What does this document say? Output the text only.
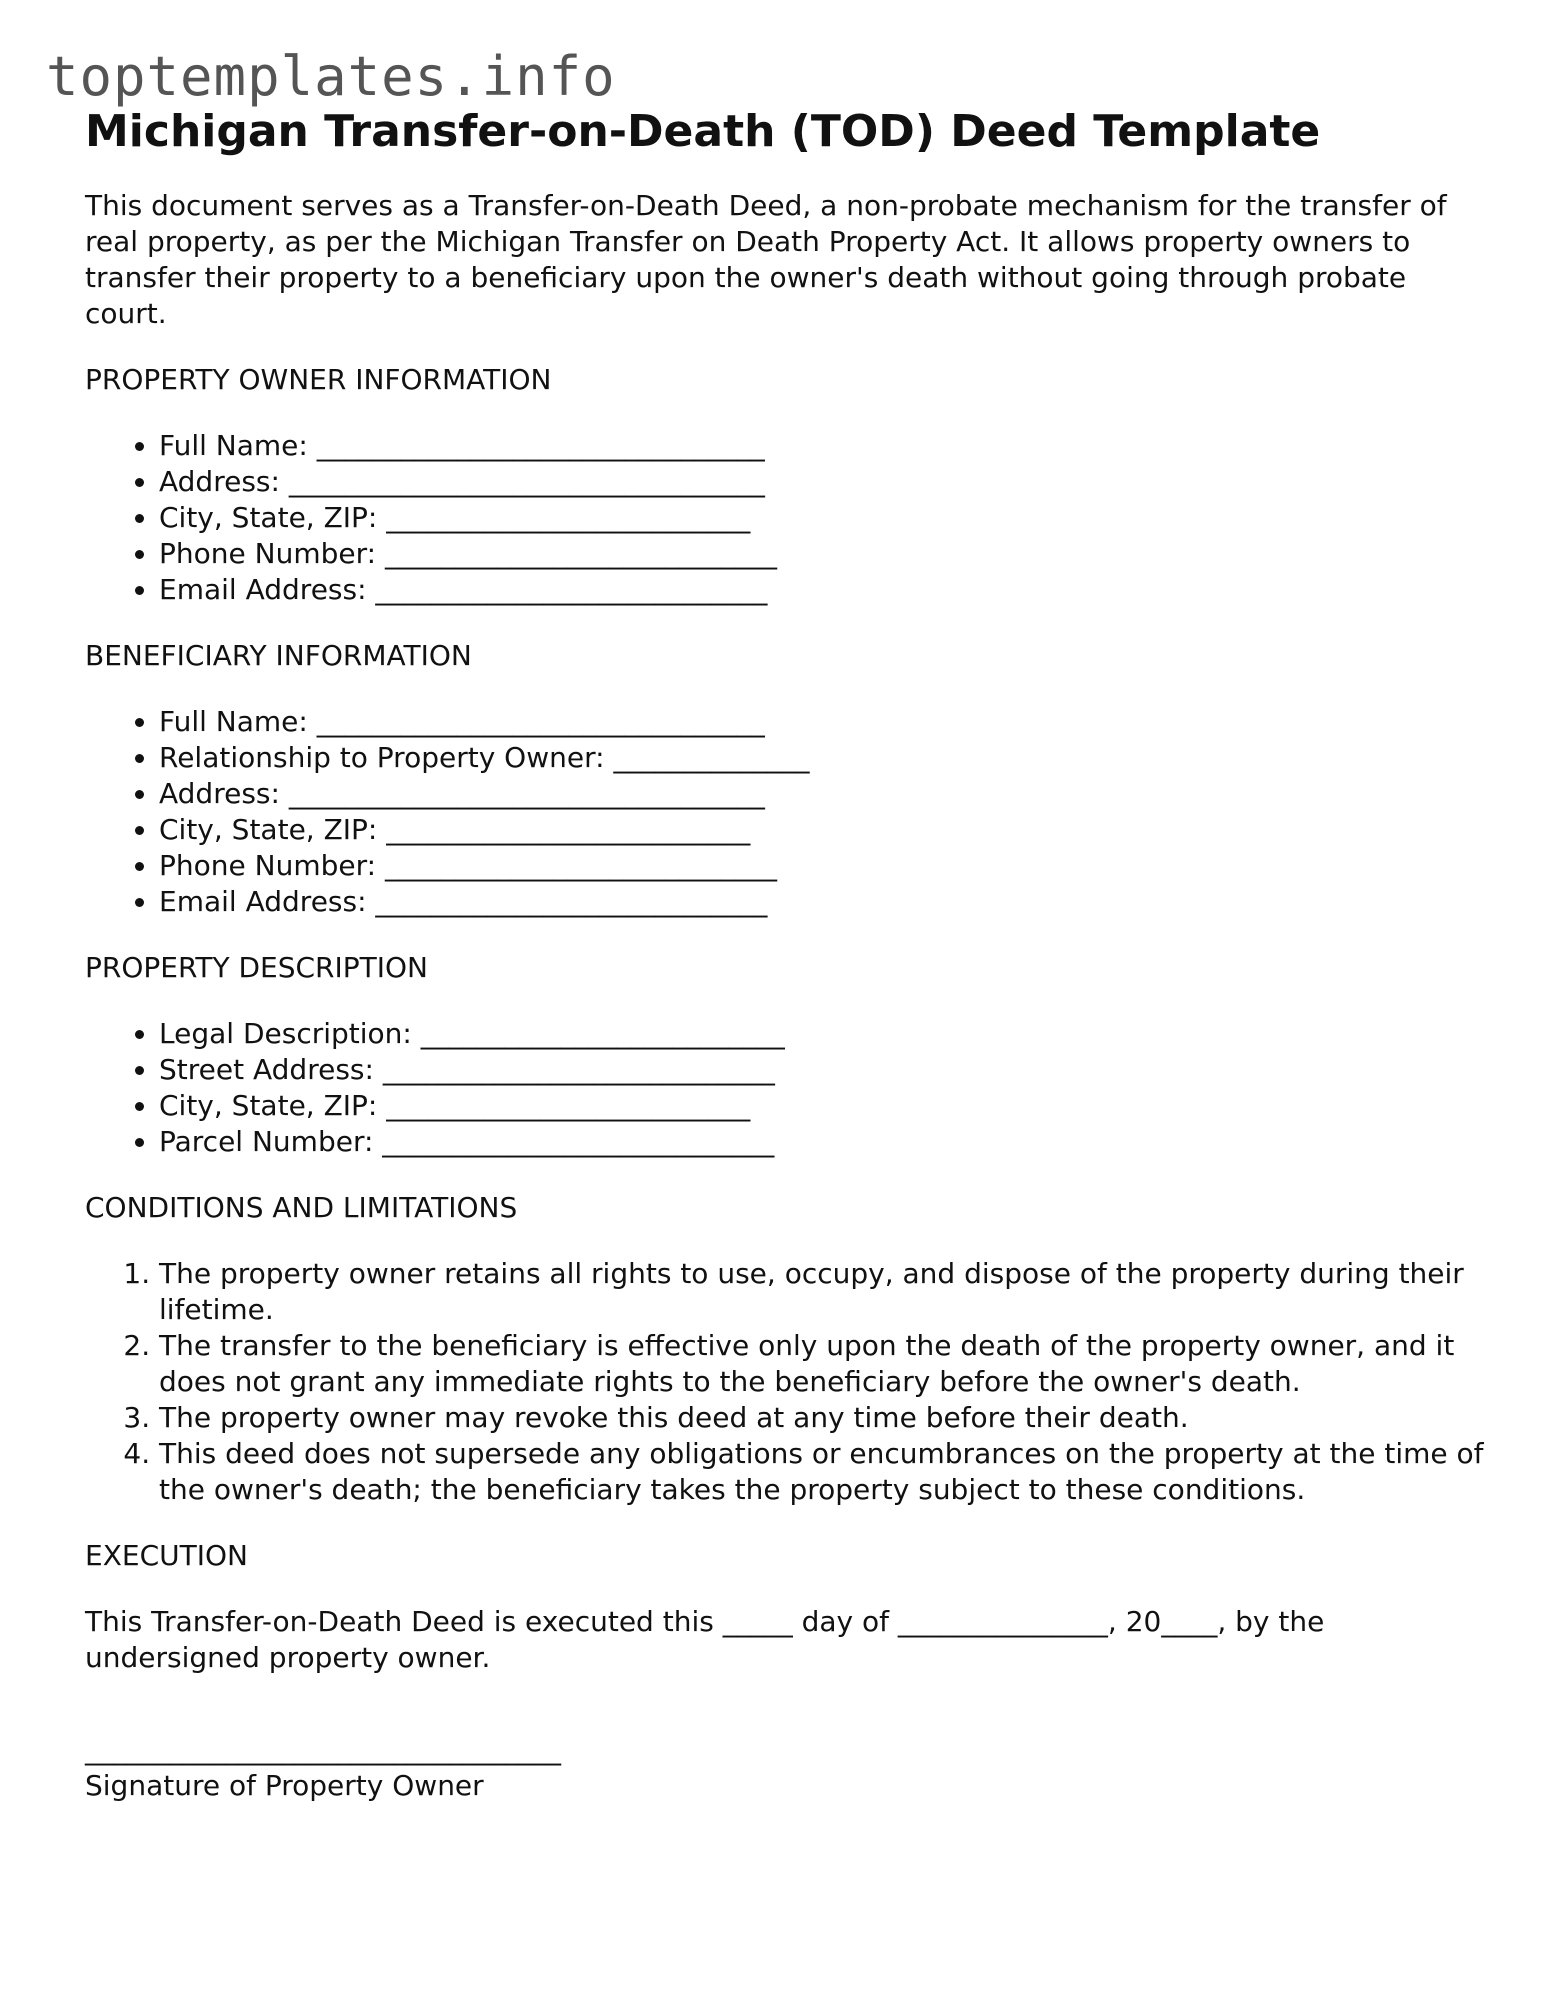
toptemplates.info
Michigan Transfer-on-Death (TOD) Deed Template

This document serves as a Transfer-on-Death Deed, a non-probate mechanism for the transfer of real property, as per the Michigan Transfer on Death Property Act. It allows property owners to transfer their property to a beneficiary upon the owner's death without going through probate court.

PROPERTY OWNER INFORMATION
• Full Name: ________________________________
• Address: __________________________________
• City, State, ZIP: __________________________
• Phone Number: ____________________________
• Email Address: ____________________________
BENEFICIARY INFORMATION
• Full Name: ________________________________
• Relationship to Property Owner: ______________
• Address: __________________________________
• City, State, ZIP: __________________________
• Phone Number: ____________________________
• Email Address: ____________________________
PROPERTY DESCRIPTION
• Legal Description: __________________________
• Street Address: ____________________________
• City, State, ZIP: __________________________
• Parcel Number: ____________________________
CONDITIONS AND LIMITATIONS
1. The property owner retains all rights to use, occupy, and dispose of the property during their lifetime.
2. The transfer to the beneficiary is effective only upon the death of the property owner, and it does not grant any immediate rights to the beneficiary before the owner's death.
3. The property owner may revoke this deed at any time before their death.
4. This deed does not supersede any obligations or encumbrances on the property at the time of the owner's death; the beneficiary takes the property subject to these conditions.
EXECUTION

This Transfer-on-Death Deed is executed this _____ day of _______________, 20____, by the undersigned property owner.

__________________________________
Signature of Property Owner
